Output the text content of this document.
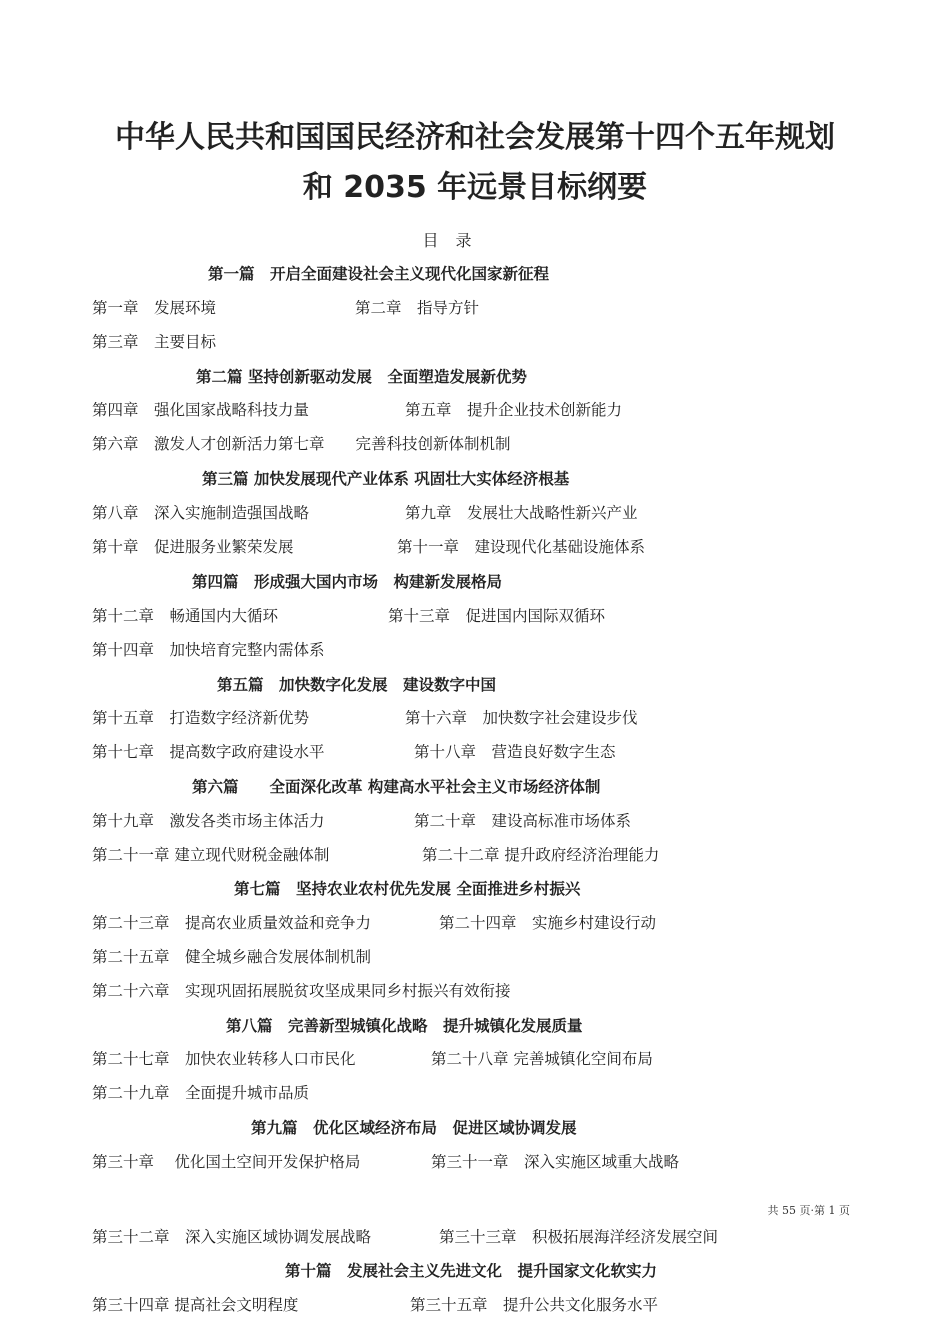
中华人民共和国国民经济和社会发展第十四个五年规划
和 2035 年远景目标纲要
目 录
第一篇　开启全面建设社会主义现代化国家新征程
第一章　发展环境	第二章　指导方针
第三章　主要目标
第二篇 坚持创新驱动发展　全面塑造发展新优势
第四章　强化国家战略科技力量	第五章　提升企业技术创新能力
第六章　激发人才创新活力第七章　　完善科技创新体制机制
第三篇 加快发展现代产业体系 巩固壮大实体经济根基
第八章　深入实施制造强国战略	第九章　发展壮大战略性新兴产业
第十章　促进服务业繁荣发展	第十一章　建设现代化基础设施体系
第四篇　形成强大国内市场　构建新发展格局
第十二章　畅通国内大循环	第十三章　促进国内国际双循环
第十四章　加快培育完整内需体系
第五篇　加快数字化发展　建设数字中国
第十五章　打造数字经济新优势	第十六章　加快数字社会建设步伐
第十七章　提高数字政府建设水平	第十八章　营造良好数字生态
第六篇　　全面深化改革 构建高水平社会主义市场经济体制
第十九章　激发各类市场主体活力	第二十章　建设高标准市场体系
第二十一章 建立现代财税金融体制	第二十二章 提升政府经济治理能力
第七篇　坚持农业农村优先发展 全面推进乡村振兴
第二十三章　提高农业质量效益和竞争力	第二十四章　实施乡村建设行动
第二十五章　健全城乡融合发展体制机制
第二十六章　实现巩固拓展脱贫攻坚成果同乡村振兴有效衔接
第八篇　完善新型城镇化战略　提升城镇化发展质量
第二十七章　加快农业转移人口市民化	第二十八章 完善城镇化空间布局
第二十九章　全面提升城市品质
第九篇　优化区域经济布局　促进区域协调发展
第三十章　 优化国土空间开发保护格局	第三十一章　深入实施区域重大战略
共 55 页·第 1 页
第三十二章　深入实施区域协调发展战略	第三十三章　积极拓展海洋经济发展空间
第十篇　发展社会主义先进文化　提升国家文化软实力
第三十四章 提高社会文明程度	第三十五章　提升公共文化服务水平
